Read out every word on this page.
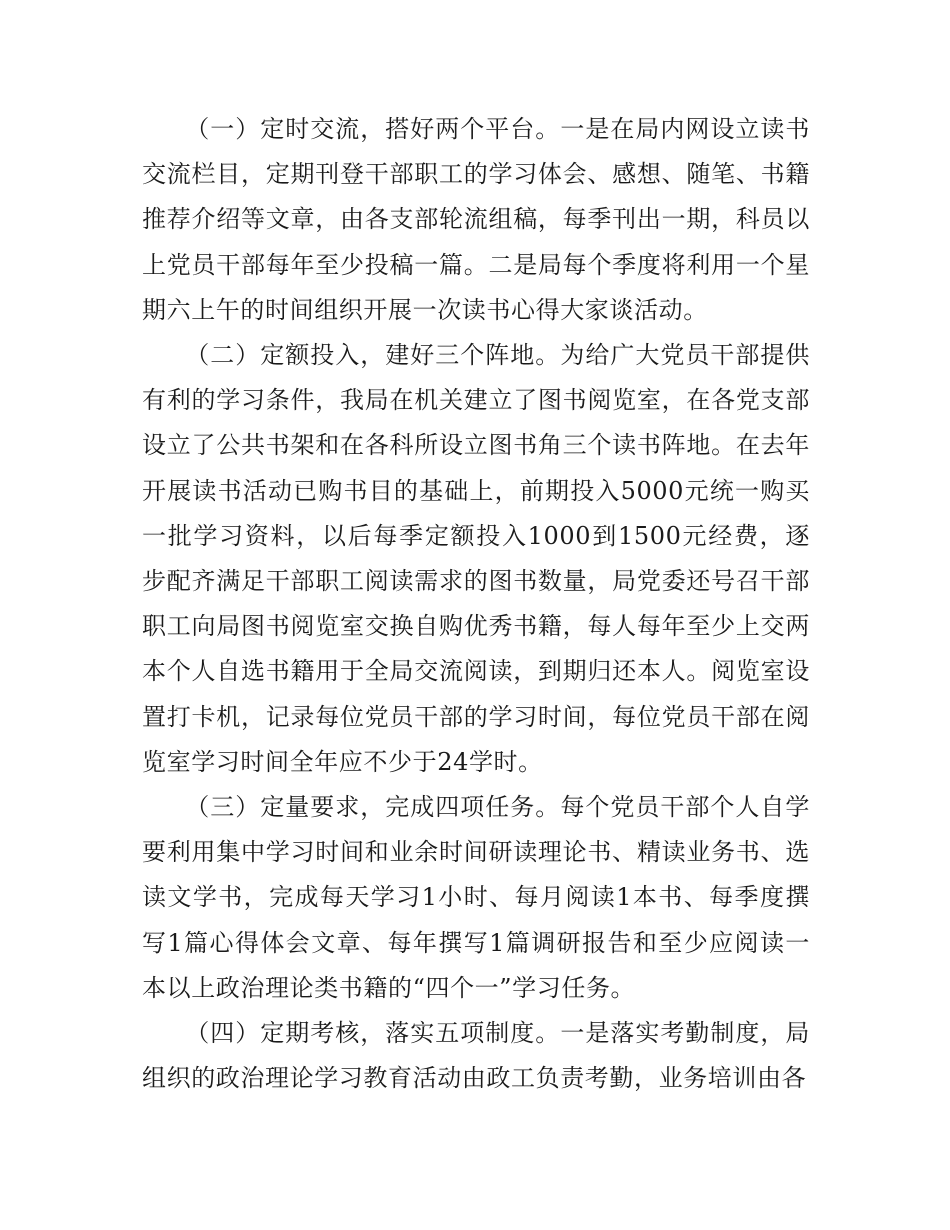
（一）定时交流，搭好两个平台。一是在局内网设立读书交流栏目，定期刊登干部职工的学习体会、感想、随笔、书籍推荐介绍等文章，由各支部轮流组稿，每季刊出一期，科员以上党员干部每年至少投稿一篇。二是局每个季度将利用一个星期六上午的时间组织开展一次读书心得大家谈活动。

（二）定额投入，建好三个阵地。为给广大党员干部提供有利的学习条件，我局在机关建立了图书阅览室，在各党支部设立了公共书架和在各科所设立图书角三个读书阵地。在去年开展读书活动已购书目的基础上，前期投入5000元统一购买一批学习资料，以后每季定额投入1000到1500元经费，逐步配齐满足干部职工阅读需求的图书数量，局党委还号召干部职工向局图书阅览室交换自购优秀书籍，每人每年至少上交两本个人自选书籍用于全局交流阅读，到期归还本人。阅览室设置打卡机，记录每位党员干部的学习时间，每位党员干部在阅览室学习时间全年应不少于24学时。

（三）定量要求，完成四项任务。每个党员干部个人自学要利用集中学习时间和业余时间研读理论书、精读业务书、选读文学书，完成每天学习1小时、每月阅读1本书、每季度撰写1篇心得体会文章、每年撰写1篇调研报告和至少应阅读一本以上政治理论类书籍的“四个一”学习任务。

（四）定期考核，落实五项制度。一是落实考勤制度，局组织的政治理论学习教育活动由政工负责考勤，业务培训由各
